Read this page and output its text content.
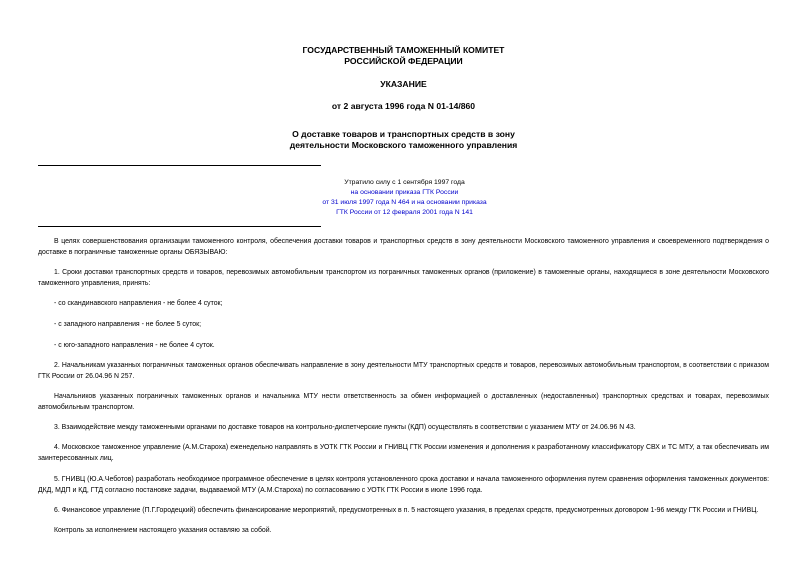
ГОСУДАРСТВЕННЫЙ ТАМОЖЕННЫЙ КОМИТЕТ
РОССИЙСКОЙ ФЕДЕРАЦИИ
УКАЗАНИЕ
от 2 августа 1996 года N 01-14/860
О доставке товаров и транспортных средств в зону
деятельности Московского таможенного управления
Утратило силу с 1 сентября 1997 года
на основании приказа ГТК России
от 31 июля 1997 года N 464 и на основании приказа
ГТК России от 12 февраля 2001 года N 141
В целях совершенствования организации таможенного контроля, обеспечения доставки товаров и транспортных средств в зону деятельности Московского таможенного управления и своевременного подтверждения о доставке в пограничные таможенные органы ОБЯЗЫВАЮ:
1. Сроки доставки транспортных средств и товаров, перевозимых автомобильным транспортом из пограничных таможенных органов (приложение) в таможенные органы, находящиеся в зоне деятельности Московского таможенного управления, принять:
- со скандинавского направления - не более 4 суток;
- с западного направления - не более 5 суток;
- с юго-западного направления - не более 4 суток.
2. Начальникам указанных пограничных таможенных органов обеспечивать направление в зону деятельности МТУ транспортных средств и товаров, перевозимых автомобильным транспортом, в соответствии с приказом ГТК России от 26.04.96 N 257.
Начальников указанных пограничных таможенных органов и начальника МТУ нести ответственность за обмен информацией о доставленных (недоставленных) транспортных средствах и товарах, перевозимых автомобильным транспортом.
3. Взаимодействие между таможенными органами по доставке товаров на контрольно-диспетчерские пункты (КДП) осуществлять в соответствии с указанием МТУ от 24.06.96 N 43.
4. Московское таможенное управление (А.М.Староха) еженедельно направлять в УОТК ГТК России и ГНИВЦ ГТК России изменения и дополнения к разработанному классификатору СВХ и ТС МТУ, а так обеспечивать им заинтересованных лиц.
5. ГНИВЦ (Ю.А.Чеботов) разработать необходимое программное обеспечение в целях контроля установленного срока доставки и начала таможенного оформления путем сравнения оформления таможенных документов: ДКД, МДП и КД, ГТД согласно постановке задачи, выдаваемой МТУ (А.М.Староха) по согласованию с УОТК ГТК России в июле 1996 года.
6. Финансовое управление (П.Г.Городецкий) обеспечить финансирование мероприятий, предусмотренных в п. 5 настоящего указания, в пределах средств, предусмотренных договором 1-96 между ГТК России и ГНИВЦ.
Контроль за исполнением настоящего указания оставляю за собой.
